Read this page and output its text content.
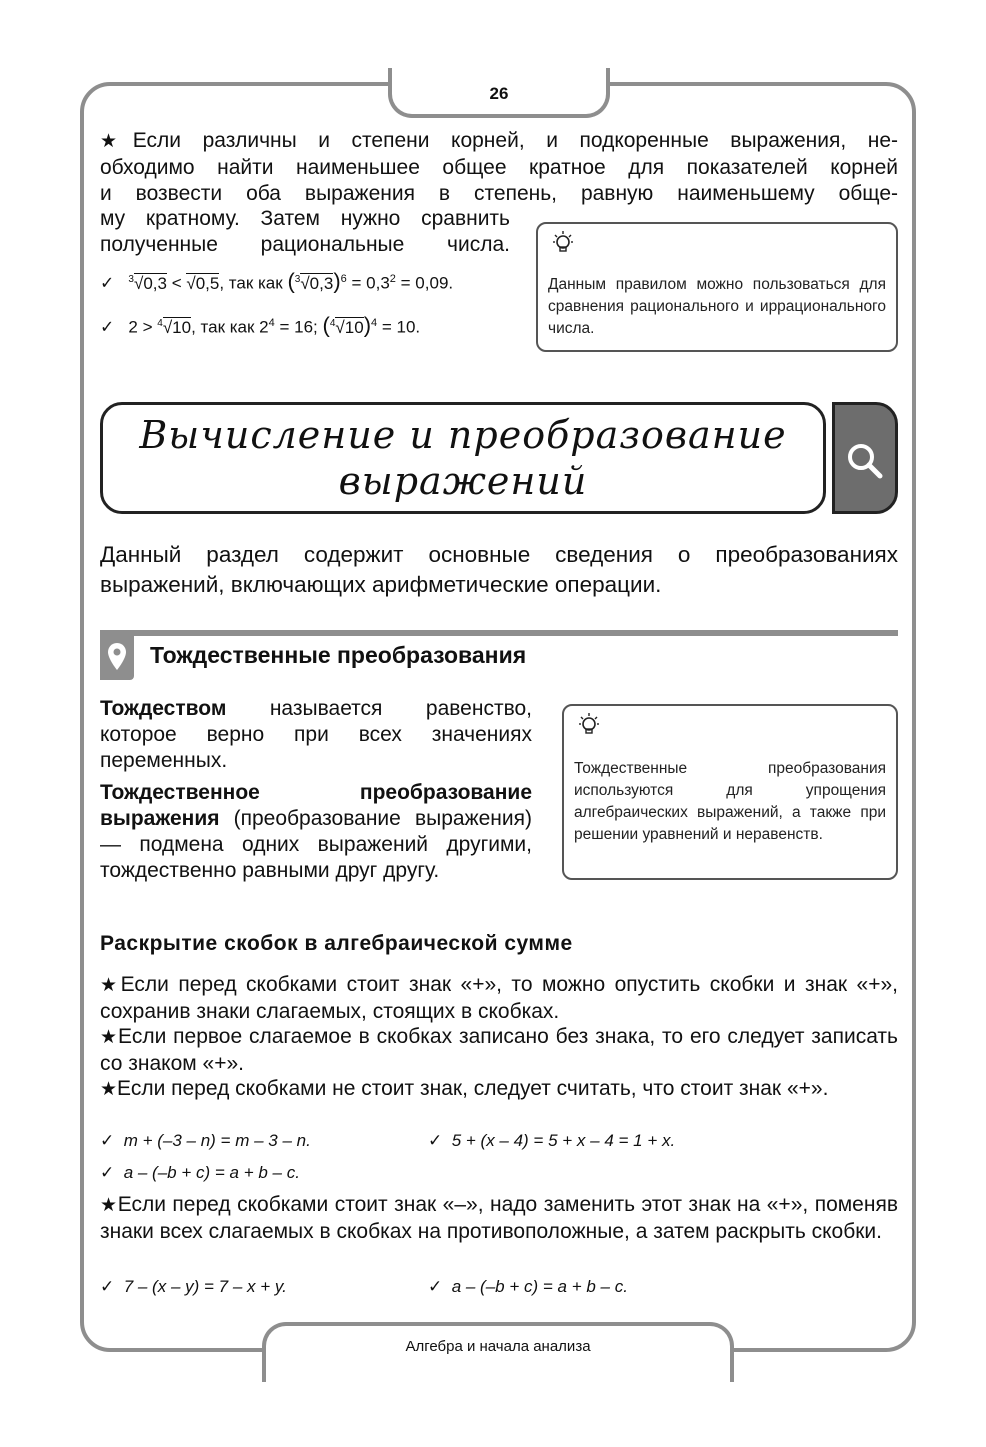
26
★Если различны и степени корней, и подкоренные выражения, не-
обходимо найти наименьшее общее кратное для показателей корней
и возвести оба выражения в степень, равную наименьшему обще-
му кратному. Затем нужно сравнить
полученные рациональные числа.
✓ $^3$√0,3 < √0,5, так как $(^3√0,3)^6 = 0,3^2 = 0,09$.
✓ 2 > $^4$√10, так как $2^4 = 16$; $(^4√10)^4 = 10$.
Данным правилом можно пользоваться для сравнения рационального и иррационального числа.
Вычисление и преобразование
выражений
Данный раздел содержит основные сведения о преобразованиях выражений, включающих арифметические операции.
Тождественные преобразования
Тождеством называется равенство, которое верно при всех значениях переменных.
Тождественное преобразование выражения (преобразование выражения) — подмена одних выражений другими, тождественно равными друг другу.
Тождественные преобразования используются для упрощения алгебраических выражений, а также при решении уравнений и неравенств.
Раскрытие скобок в алгебраической сумме
★Если перед скобками стоит знак «+», то можно опустить скобки и знак «+», сохранив знаки слагаемых, стоящих в скобках.
★Если первое слагаемое в скобках записано без знака, то его следует записать со знаком «+».
★Если перед скобками не стоит знак, следует считать, что стоит знак «+».
✓ m + (–3 – n) = m – 3 – n.	✓ 5 + (x – 4) = 5 + x – 4 = 1 + x.
✓ a – (–b + c) = a + b – c.
★Если перед скобками стоит знак «–», надо заменить этот знак на «+», поменяв знаки всех слагаемых в скобках на противоположные, а затем раскрыть скобки.
✓ 7 – (x – y) = 7 – x + y.	✓ a – (–b + c) = a + b – c.
Алгебра и начала анализа
